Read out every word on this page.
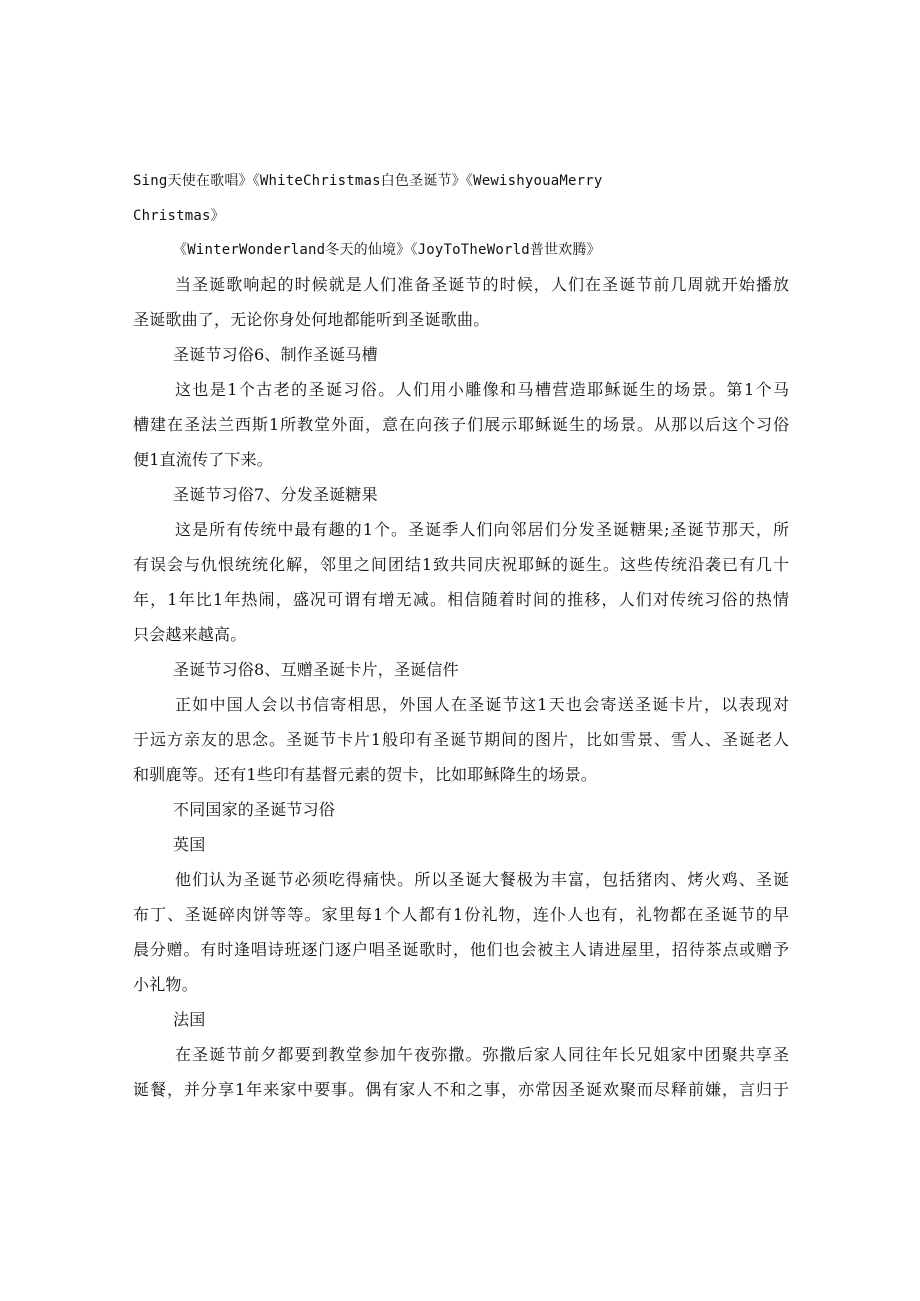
Sing天使在歌唱》《WhiteChristmas白色圣诞节》《WewishyouaMerry
Christmas》
《WinterWonderland冬天的仙境》《JoyToTheWorld普世欢腾》
当圣诞歌响起的时候就是人们准备圣诞节的时候，人们在圣诞节前几周就开始播放
圣诞歌曲了，无论你身处何地都能听到圣诞歌曲。
圣诞节习俗6、制作圣诞马槽
这也是1个古老的圣诞习俗。人们用小雕像和马槽营造耶稣诞生的场景。第1个马
槽建在圣法兰西斯1所教堂外面，意在向孩子们展示耶稣诞生的场景。从那以后这个习俗
便1直流传了下来。
圣诞节习俗7、分发圣诞糖果
这是所有传统中最有趣的1个。圣诞季人们向邻居们分发圣诞糖果;圣诞节那天，所
有误会与仇恨统统化解，邻里之间团结1致共同庆祝耶稣的诞生。这些传统沿袭已有几十
年，1年比1年热闹，盛况可谓有增无减。相信随着时间的推移，人们对传统习俗的热情
只会越来越高。
圣诞节习俗8、互赠圣诞卡片，圣诞信件
正如中国人会以书信寄相思，外国人在圣诞节这1天也会寄送圣诞卡片，以表现对
于远方亲友的思念。圣诞节卡片1般印有圣诞节期间的图片，比如雪景、雪人、圣诞老人
和驯鹿等。还有1些印有基督元素的贺卡，比如耶稣降生的场景。
不同国家的圣诞节习俗
英国
他们认为圣诞节必须吃得痛快。所以圣诞大餐极为丰富，包括猪肉、烤火鸡、圣诞
布丁、圣诞碎肉饼等等。家里每1个人都有1份礼物，连仆人也有，礼物都在圣诞节的早
晨分赠。有时逢唱诗班逐门逐户唱圣诞歌时，他们也会被主人请进屋里，招待茶点或赠予
小礼物。
法国
在圣诞节前夕都要到教堂参加午夜弥撒。弥撒后家人同往年长兄姐家中团聚共享圣
诞餐，并分享1年来家中要事。偶有家人不和之事，亦常因圣诞欢聚而尽释前嫌，言归于
